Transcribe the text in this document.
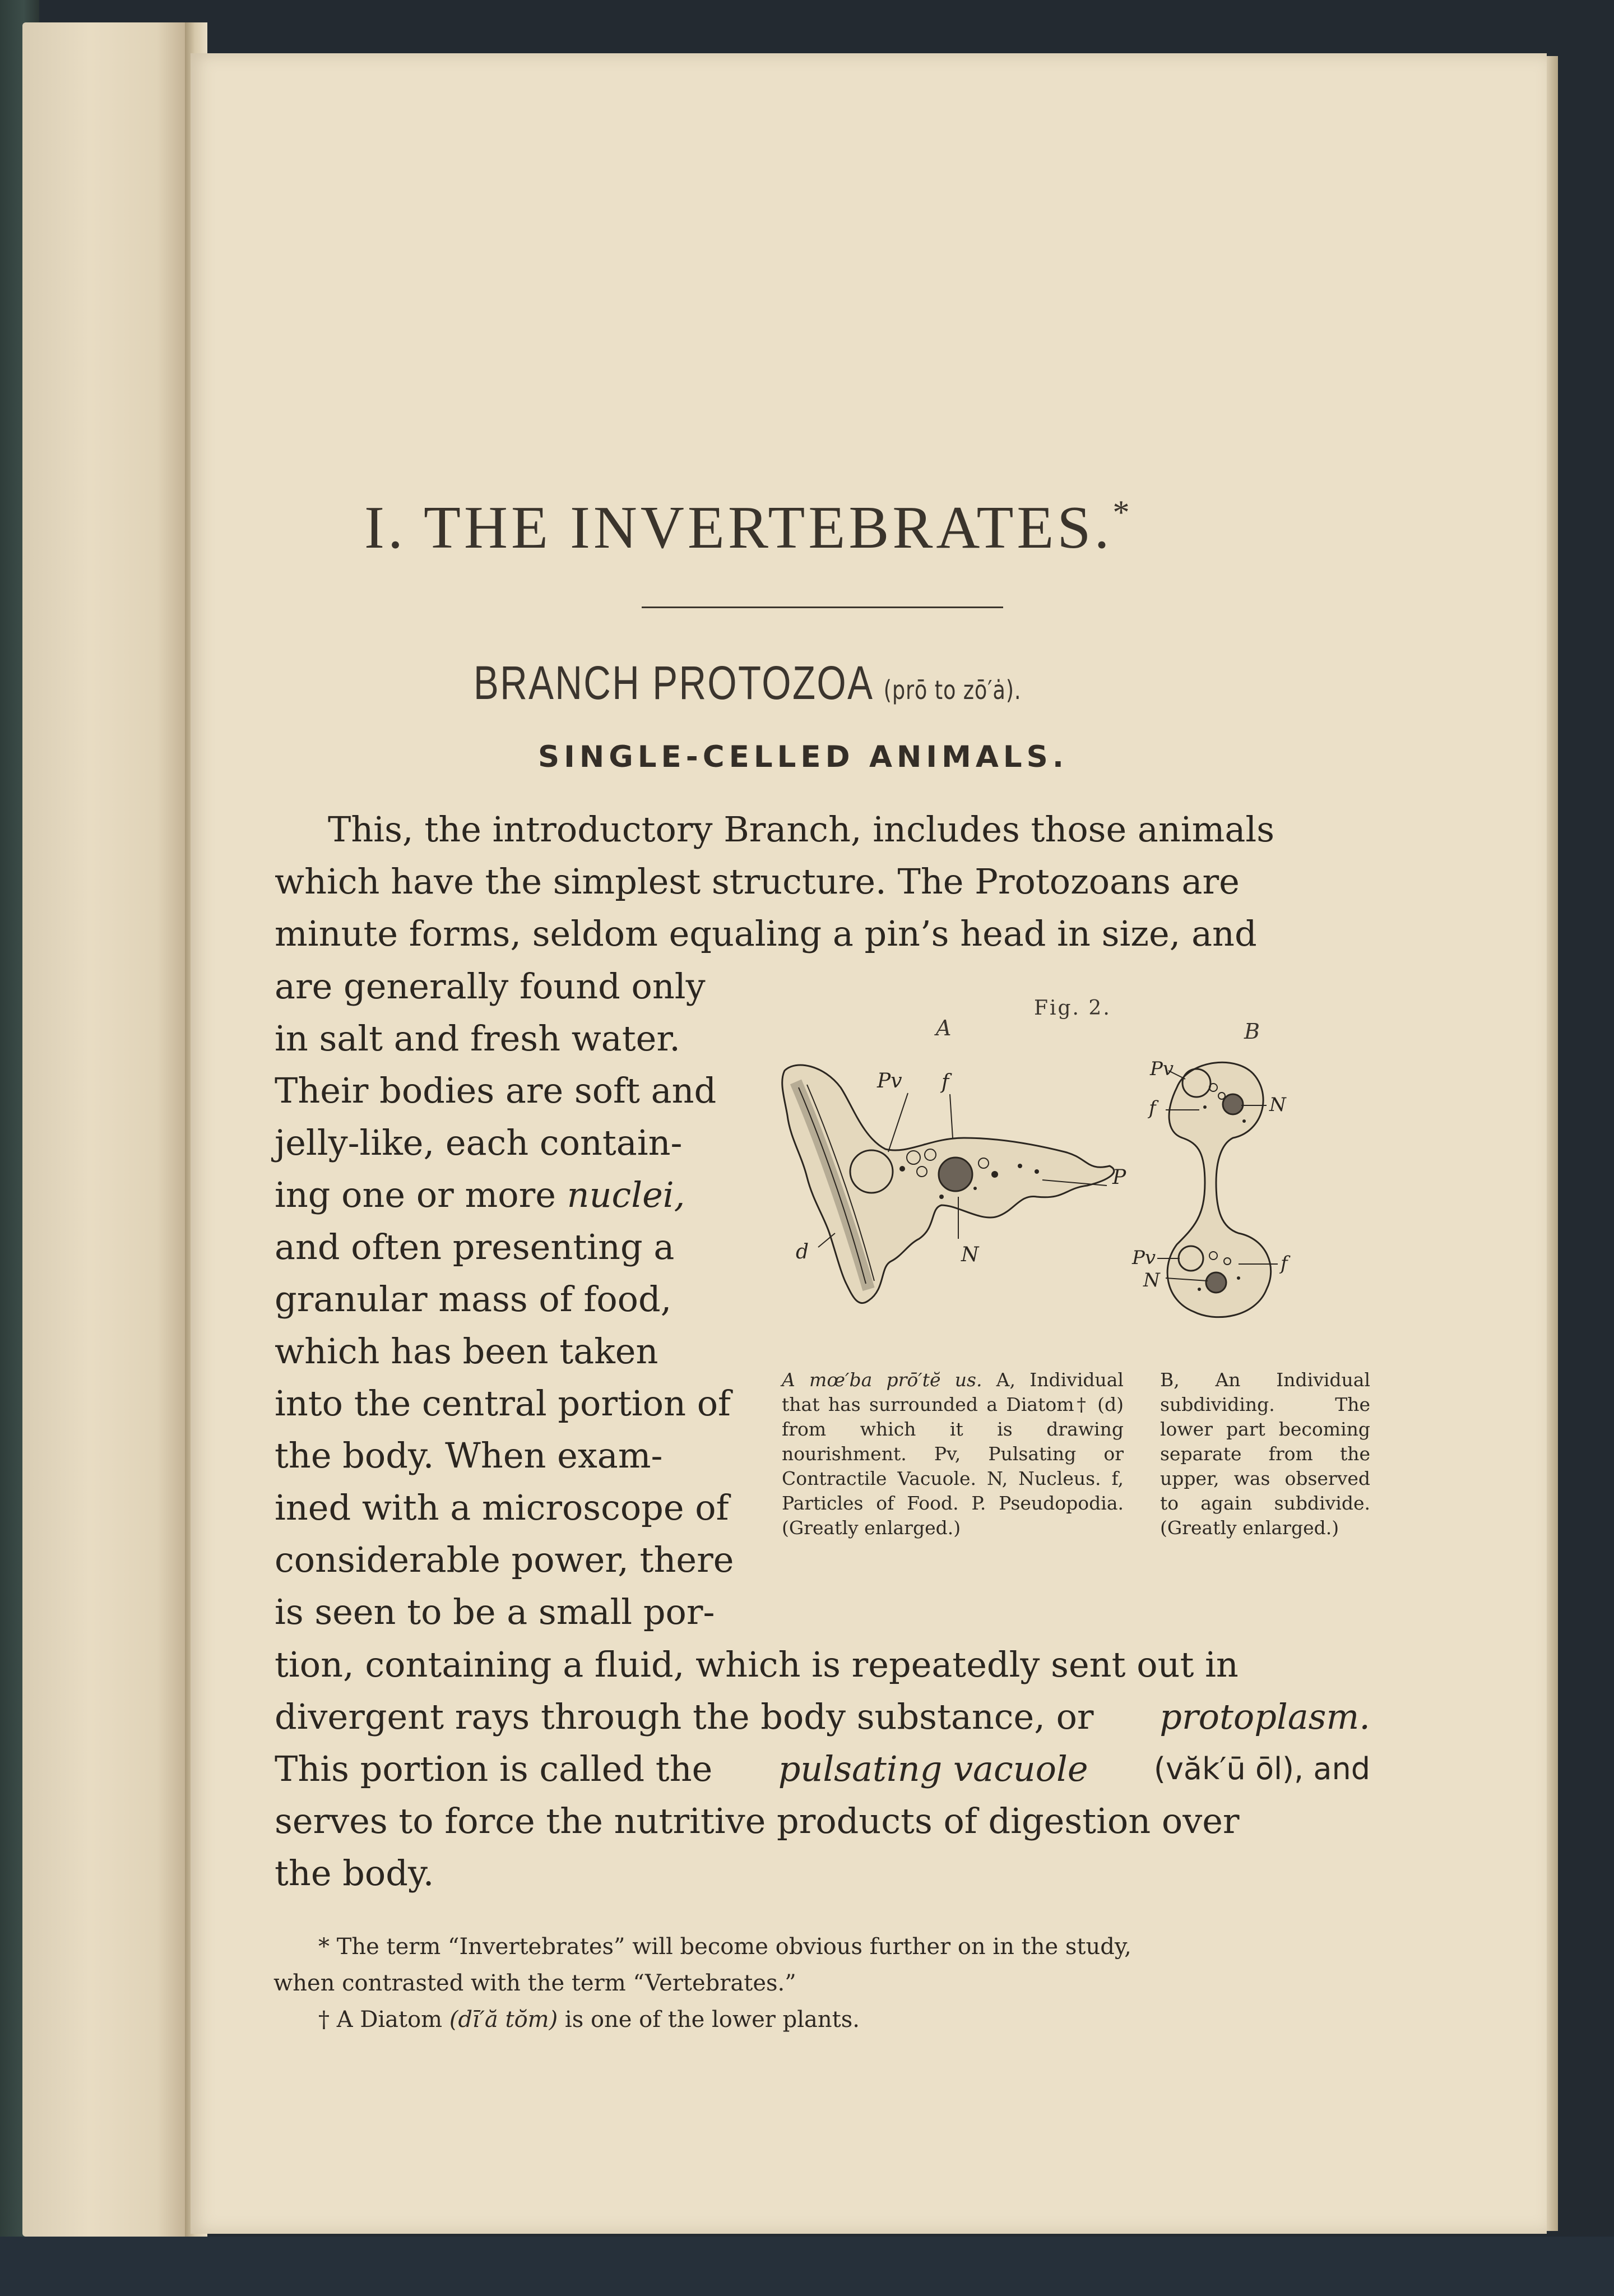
I. THE INVERTEBRATES.*
BRANCH PROTOZOA (prō to zō′ȧ).
SINGLE-CELLED ANIMALS.
This, the introductory Branch, includes those animals
which have the simplest structure. The Protozoans are
minute forms, seldom equaling a pin’s head in size, and
are generally found only
in salt and fresh water.
Their bodies are soft and
jelly-like, each contain-
ing one or more
nuclei,
and often presenting a
granular mass of food,
which has been taken
into the central portion of
the body. When exam-
ined with a microscope of
considerable power, there
is seen to be a small por-
tion, containing a fluid, which is repeatedly sent out in
divergent rays through the body substance, or protoplasm.
This portion is called the pulsating vacuole (văk′ū ōl), and
serves to force the nutritive products of digestion over
the body.
Fig. 2.
A	B
Pv f
P
d	N
Pv
f	N
Pv
N
f
A mœ′ba prō′tĕ us. A, Individual that has surrounded a Diatom† (d) from which it is drawing nourishment. Pv, Pulsating or Contractile Vacuole. N, Nucleus. f, Particles of Food. P. Pseudopodia. (Greatly enlarged.)
B, An Individual subdividing. The lower part becoming separate from the upper, was observed to again subdivide. (Greatly enlarged.)
* The term “Invertebrates” will become obvious further on in the study,
when contrasted with the term “Vertebrates.”
† A Diatom (dī′ă tŏm) is one of the lower plants.
